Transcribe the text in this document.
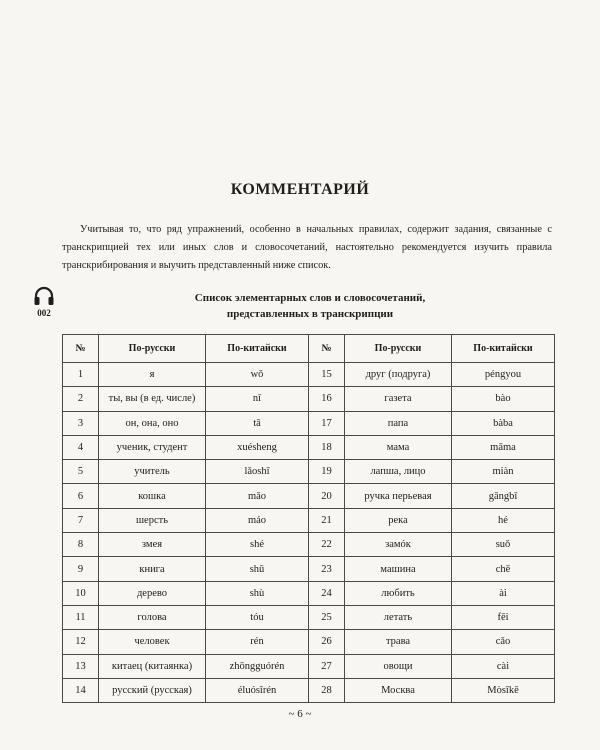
КОММЕНТАРИЙ

Учитывая то, что ряд упражнений, особенно в начальных правилах, содержит задания, связанные с транскрипцией тех или иных слов и словосочетаний, настоятельно рекомендуется изучить правила транскрибирования и выучить представленный ниже список.

002
Список элементарных слов и словосочетаний,
представленных в транскрипции
№	По-русски	По-китайски	№	По-русски	По-китайски
1	я	wǒ	15	друг (подруга)	péngyou
2	ты, вы (в ед. числе)	nǐ	16	газета	bào
3	он, она, оно	tā	17	папа	bàba
4	ученик, студент	xuésheng	18	мама	māma
5	учитель	lǎoshī	19	лапша, лицо	miàn
6	кошка	māo	20	ручка перьевая	gāngbǐ
7	шерсть	máo	21	река	hé
8	змея	shé	22	замóк	suǒ
9	книга	shū	23	машина	chē
10	дерево	shù	24	любить	ài
11	голова	tóu	25	летать	fēi
12	человек	rén	26	трава	cǎo
13	китаец (китаянка)	zhōngguórén	27	овощи	cài
14	русский (русская)	éluósīrén	28	Москва	Mòsīkē
~ 6 ~
